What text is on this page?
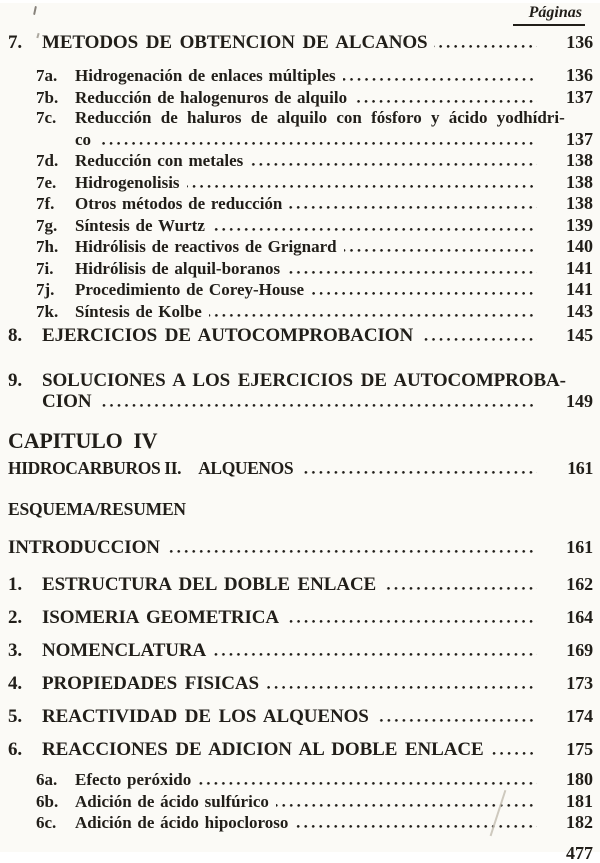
Páginas
7.	METODOS DE OBTENCION DE ALCANOS	136
7a.	Hidrogenación de enlaces múltiples	136
7b. Reducción de halogenuros de alquilo	137
7c.	Reducción de haluros de alquilo con fósforo y ácido yodhídri-
co	137
7d. Reducción con metales	138
7e.	Hidrogenolisis	138
7f.	Otros métodos de reducción	138
7g.	Síntesis de Wurtz	139
7h. Hidrólisis de reactivos de Grignard	140
7i.	Hidrólisis de alquil-boranos	141
7j.	Procedimiento de Corey-House	141
7k. Síntesis de Kolbe	143
8.	EJERCICIOS DE AUTOCOMPROBACION	145
9.	SOLUCIONES A LOS EJERCICIOS DE AUTOCOMPROBA-
CION	149
CAPITULO IV
HIDROCARBUROS II. ALQUENOS	161
ESQUEMA/RESUMEN
INTRODUCCION	161
1.	ESTRUCTURA DEL DOBLE ENLACE	162
2.	ISOMERIA GEOMETRICA	164
3.	NOMENCLATURA	169
4.	PROPIEDADES FISICAS	173
5.	REACTIVIDAD DE LOS ALQUENOS	174
6.	REACCIONES DE ADICION AL DOBLE ENLACE	175
6a.	Efecto peróxido	180
6b. Adición de ácido sulfúrico	181
6c.	Adición de ácido hipocloroso	182
477
